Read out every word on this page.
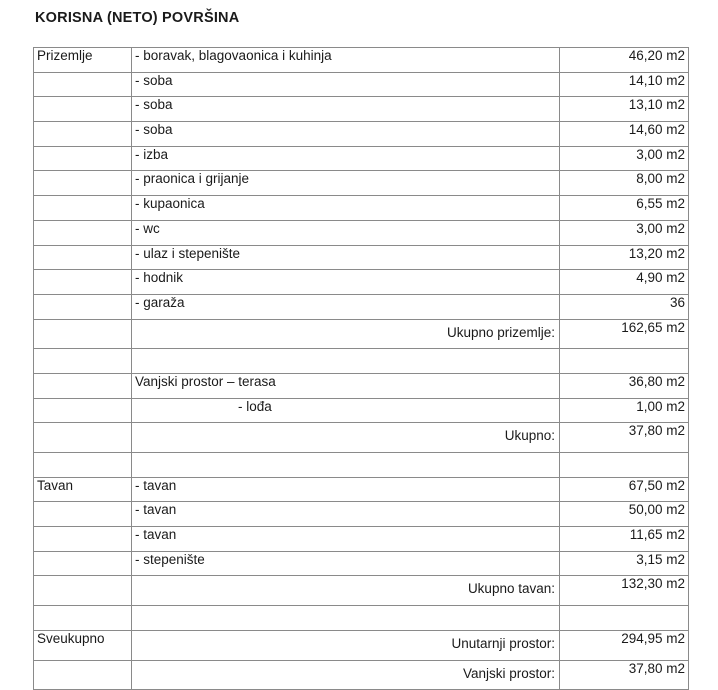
KORISNA (NETO) POVRŠINA
Prizemlje	- boravak, blagovaonica i kuhinja	46,20 m2
	- soba	14,10 m2
	- soba	13,10 m2
	- soba	14,60 m2
	- izba	3,00 m2
	- praonica i grijanje	8,00 m2
	- kupaonica	6,55 m2
	- wc	3,00 m2
	- ulaz i stepenište	13,20 m2
	- hodnik	4,90 m2
	- garaža	36
	Ukupno prizemlje:	162,65 m2

	Vanjski prostor – terasa	36,80 m2
	- lođa	1,00 m2
	Ukupno:	37,80 m2

Tavan	- tavan	67,50 m2
	- tavan	50,00 m2
	- tavan	11,65 m2
	- stepenište	3,15 m2
	Ukupno tavan:	132,30 m2

Sveukupno	Unutarnji prostor:	294,95 m2
	Vanjski prostor:	37,80 m2
